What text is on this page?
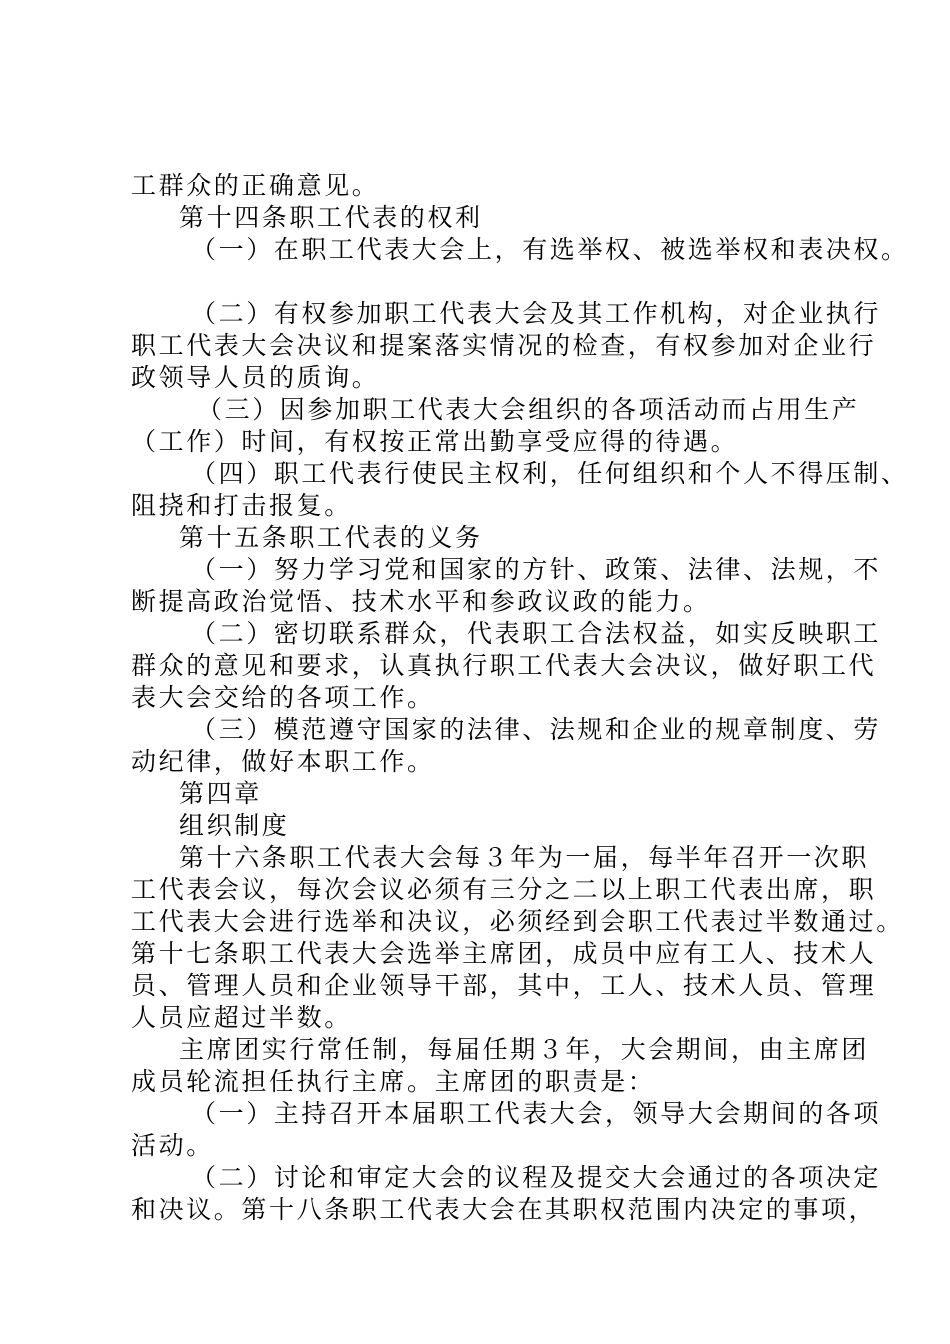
工群众的正确意见。
第十四条职工代表的权利
（一）在职工代表大会上，有选举权、被选举权和表决权。
（二）有权参加职工代表大会及其工作机构，对企业执行
职工代表大会决议和提案落实情况的检查，有权参加对企业行
政领导人员的质询。
（三）因参加职工代表大会组织的各项活动而占用生产
（工作）时间，有权按正常出勤享受应得的待遇。
（四）职工代表行使民主权利，任何组织和个人不得压制、
阻挠和打击报复。
第十五条职工代表的义务
（一）努力学习党和国家的方针、政策、法律、法规，不
断提高政治觉悟、技术水平和参政议政的能力。
（二）密切联系群众，代表职工合法权益，如实反映职工
群众的意见和要求，认真执行职工代表大会决议，做好职工代
表大会交给的各项工作。
（三）模范遵守国家的法律、法规和企业的规章制度、劳
动纪律，做好本职工作。
第四章
组织制度
第十六条职工代表大会每３年为一届，每半年召开一次职
工代表会议，每次会议必须有三分之二以上职工代表出席，职
工代表大会进行选举和决议，必须经到会职工代表过半数通过。
第十七条职工代表大会选举主席团，成员中应有工人、技术人
员、管理人员和企业领导干部，其中，工人、技术人员、管理
人员应超过半数。
主席团实行常任制，每届任期３年，大会期间，由主席团
成员轮流担任执行主席。主席团的职责是：
（一）主持召开本届职工代表大会，领导大会期间的各项
活动。
（二）讨论和审定大会的议程及提交大会通过的各项决定
和决议。第十八条职工代表大会在其职权范围内决定的事项，
